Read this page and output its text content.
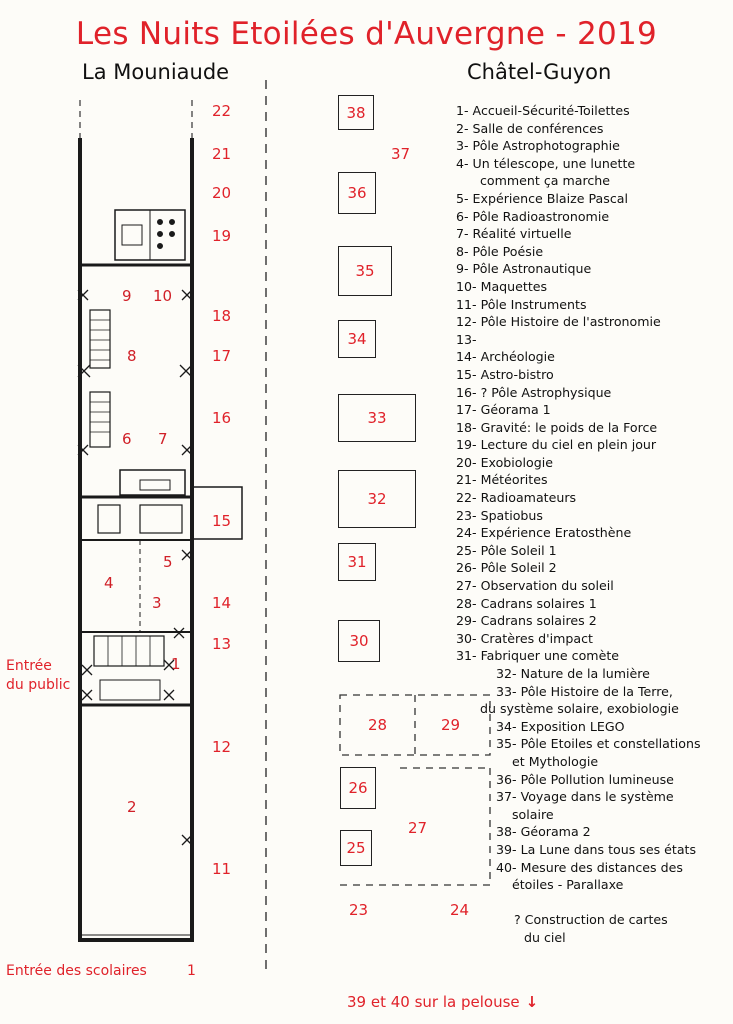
Les Nuits Etoilées d'Auvergne - 2019
La Mouniaude	Châtel-Guyon
22
21
20
19
18
17
16
15
14
13
12
11
9 10
8
6 7
5
4
3
1
2
Entrée
du public
Entrée des scolaires	1
38
37
36
35
34
33
32
31
30
28	29
26
27
25
23	24
1- Accueil-Sécurité-Toilettes
2- Salle de conférences
3- Pôle Astrophotographie
4- Un télescope, une lunette
comment ça marche
5- Expérience Blaize Pascal
6- Pôle Radioastronomie
7- Réalité virtuelle
8- Pôle Poésie
9- Pôle Astronautique
10- Maquettes
11- Pôle Instruments
12- Pôle Histoire de l'astronomie
13-
14- Archéologie
15- Astro-bistro
16- ? Pôle Astrophysique
17- Géorama 1
18- Gravité: le poids de la Force
19- Lecture du ciel en plein jour
20- Exobiologie
21- Météorites
22- Radioamateurs
23- Spatiobus
24- Expérience Eratosthène
25- Pôle Soleil 1
26- Pôle Soleil 2
27- Observation du soleil
28- Cadrans solaires 1
29- Cadrans solaires 2
30- Cratères d'impact
31- Fabriquer une comète
32- Nature de la lumière
33- Pôle Histoire de la Terre,
du système solaire, exobiologie
34- Exposition LEGO
35- Pôle Etoiles et constellations
et Mythologie
36- Pôle Pollution lumineuse
37- Voyage dans le système
solaire
38- Géorama 2
39- La Lune dans tous ses états
40- Mesure des distances des
étoiles - Parallaxe
? Construction de cartes
du ciel
39 et 40 sur la pelouse ↓
